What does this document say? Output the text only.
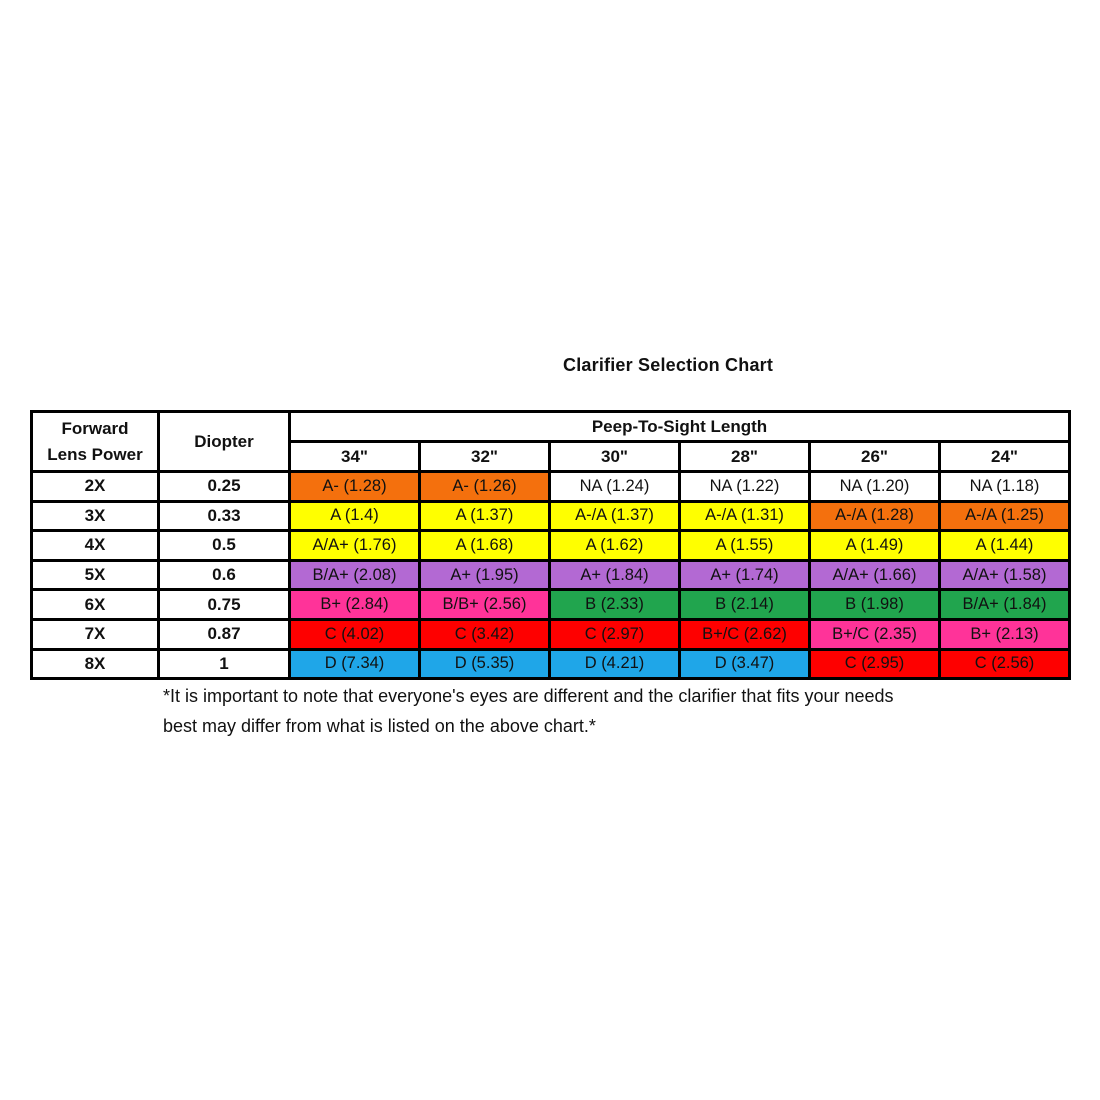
Clarifier Selection Chart
Forward
Lens Power	Diopter	Peep-To-Sight Length					
		34"	32"	30"	28"	26"	24"
2X	0.25	A- (1.28)	A- (1.26)	NA (1.24)	NA (1.22)	NA (1.20)	NA (1.18)
3X	0.33	A (1.4)	A (1.37)	A-/A (1.37)	A-/A (1.31)	A-/A (1.28)	A-/A (1.25)
4X	0.5	A/A+ (1.76)	A (1.68)	A (1.62)	A (1.55)	A (1.49)	A (1.44)
5X	0.6	B/A+ (2.08)	A+ (1.95)	A+ (1.84)	A+ (1.74)	A/A+ (1.66)	A/A+ (1.58)
6X	0.75	B+ (2.84)	B/B+ (2.56)	B (2.33)	B (2.14)	B (1.98)	B/A+ (1.84)
7X	0.87	C (4.02)	C (3.42)	C (2.97)	B+/C (2.62)	B+/C (2.35)	B+ (2.13)
8X	1	D (7.34)	D (5.35)	D (4.21)	D (3.47)	C (2.95)	C (2.56)
*It is important to note that everyone's eyes are different and the clarifier that fits your needs
best may differ from what is listed on the above chart.*
